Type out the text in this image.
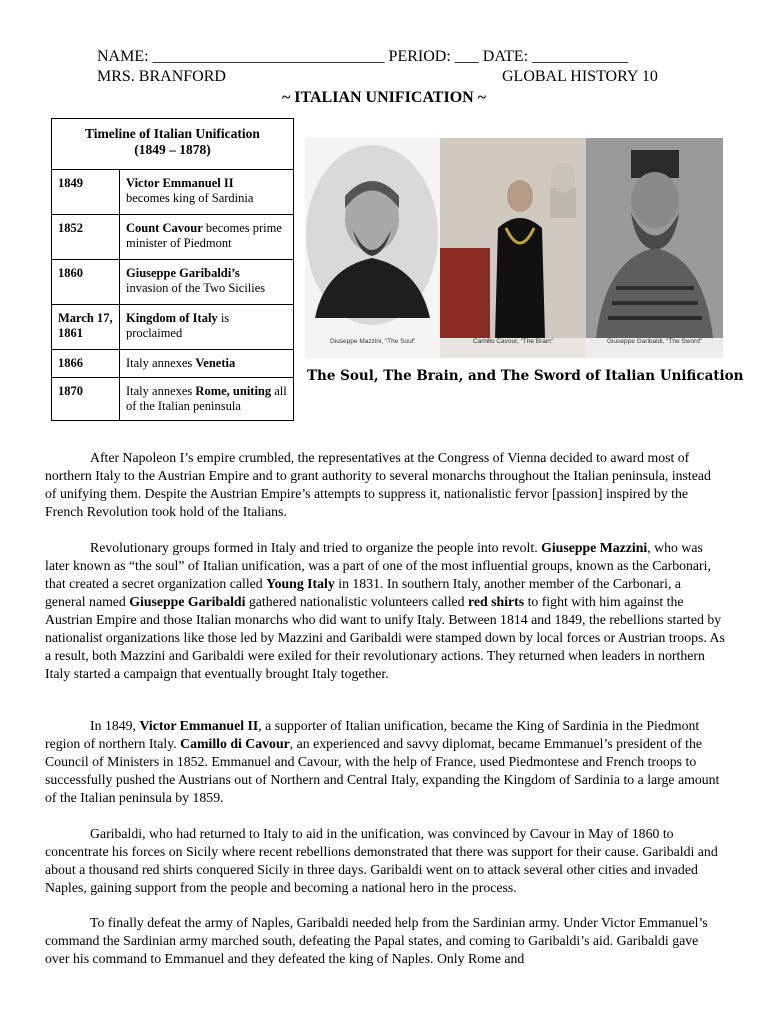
NAME: _____________________________ PERIOD: ___ DATE: ____________
MRS. BRANFORD	GLOBAL HISTORY 10
~ ITALIAN UNIFICATION ~
Timeline of Italian Unification
(1849 – 1878)	
1849	Victor Emmanuel II
becomes king of Sardinia
1852	Count Cavour becomes prime minister of Piedmont
1860	Giuseppe Garibaldi’s
invasion of the Two Sicilies
March 17, 1861	Kingdom of Italy is proclaimed
1866	Italy annexes Venetia
1870	Italy annexes Rome, uniting all of the Italian peninsula
Giuseppe Mazzini, “The Soul”
	Camillo Cavour, “The Brain”
	Giuseppe Garibaldi, “The Sword”

The Soul, The Brain, and The Sword of Italian Unification

After Napoleon I’s empire crumbled, the representatives at the Congress of Vienna decided to award most of northern Italy to the Austrian Empire and to grant authority to several monarchs throughout the Italian peninsula, instead of unifying them. Despite the Austrian Empire’s attempts to suppress it, nationalistic fervor [passion] inspired by the French Revolution took hold of the Italians.

Revolutionary groups formed in Italy and tried to organize the people into revolt. Giuseppe Mazzini, who was later known as “the soul” of Italian unification, was a part of one of the most influential groups, known as the Carbonari, that created a secret organization called Young Italy in 1831. In southern Italy, another member of the Carbonari, a general named Giuseppe Garibaldi gathered nationalistic volunteers called red shirts to fight with him against the Austrian Empire and those Italian monarchs who did want to unify Italy. Between 1814 and 1849, the rebellions started by nationalist organizations like those led by Mazzini and Garibaldi were stamped down by local forces or Austrian troops. As a result, both Mazzini and Garibaldi were exiled for their revolutionary actions. They returned when leaders in northern Italy started a campaign that eventually brought Italy together.

In 1849, Victor Emmanuel II, a supporter of Italian unification, became the King of Sardinia in the Piedmont region of northern Italy. Camillo di Cavour, an experienced and savvy diplomat, became Emmanuel’s president of the Council of Ministers in 1852. Emmanuel and Cavour, with the help of France, used Piedmontese and French troops to successfully pushed the Austrians out of Northern and Central Italy, expanding the Kingdom of Sardinia to a large amount of the Italian peninsula by 1859.

Garibaldi, who had returned to Italy to aid in the unification, was convinced by Cavour in May of 1860 to concentrate his forces on Sicily where recent rebellions demonstrated that there was support for their cause. Garibaldi and about a thousand red shirts conquered Sicily in three days. Garibaldi went on to attack several other cities and invaded Naples, gaining support from the people and becoming a national hero in the process.

To finally defeat the army of Naples, Garibaldi needed help from the Sardinian army. Under Victor Emmanuel’s command the Sardinian army marched south, defeating the Papal states, and coming to Garibaldi’s aid. Garibaldi gave over his command to Emmanuel and they defeated the king of Naples. Only Rome and
